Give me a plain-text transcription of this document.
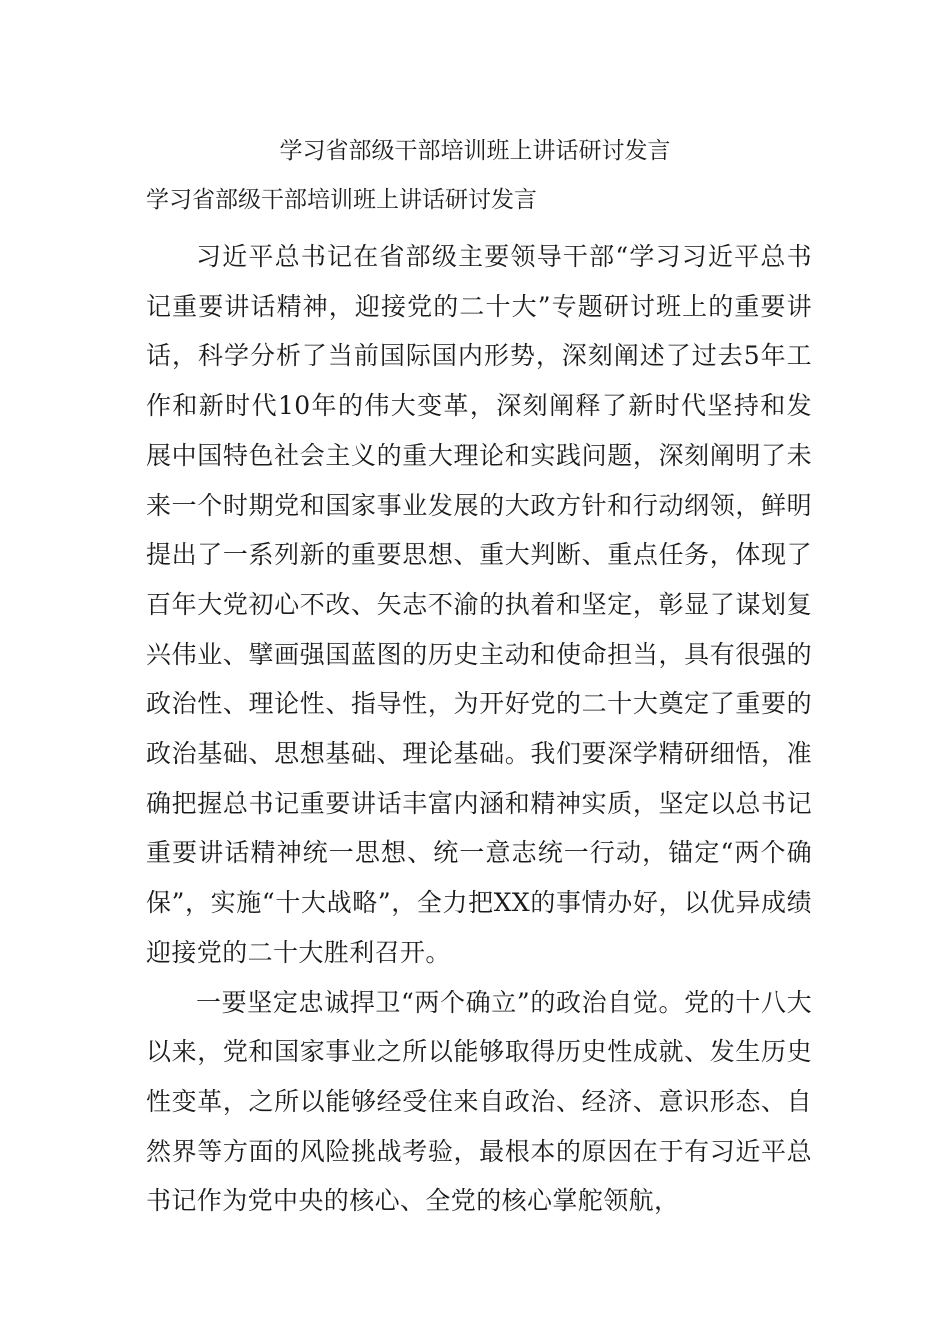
学习省部级干部培训班上讲话研讨发言
学习省部级干部培训班上讲话研讨发言

习近平总书记在省部级主要领导干部“学习习近平总书记重要讲话精神，迎接党的二十大”专题研讨班上的重要讲话，科学分析了当前国际国内形势，深刻阐述了过去5年工作和新时代10年的伟大变革，深刻阐释了新时代坚持和发展中国特色社会主义的重大理论和实践问题，深刻阐明了未来一个时期党和国家事业发展的大政方针和行动纲领，鲜明提出了一系列新的重要思想、重大判断、重点任务，体现了百年大党初心不改、矢志不渝的执着和坚定，彰显了谋划复兴伟业、擘画强国蓝图的历史主动和使命担当，具有很强的政治性、理论性、指导性，为开好党的二十大奠定了重要的政治基础、思想基础、理论基础。我们要深学精研细悟，准确把握总书记重要讲话丰富内涵和精神实质，坚定以总书记重要讲话精神统一思想、统一意志统一行动，锚定“两个确保”，实施“十大战略”，全力把XX的事情办好，以优异成绩迎接党的二十大胜利召开。

一要坚定忠诚捍卫“两个确立”的政治自觉。党的十八大以来，党和国家事业之所以能够取得历史性成就、发生历史性变革，之所以能够经受住来自政治、经济、意识形态、自然界等方面的风险挑战考验，最根本的原因在于有习近平总书记作为党中央的核心、全党的核心掌舵领航，
